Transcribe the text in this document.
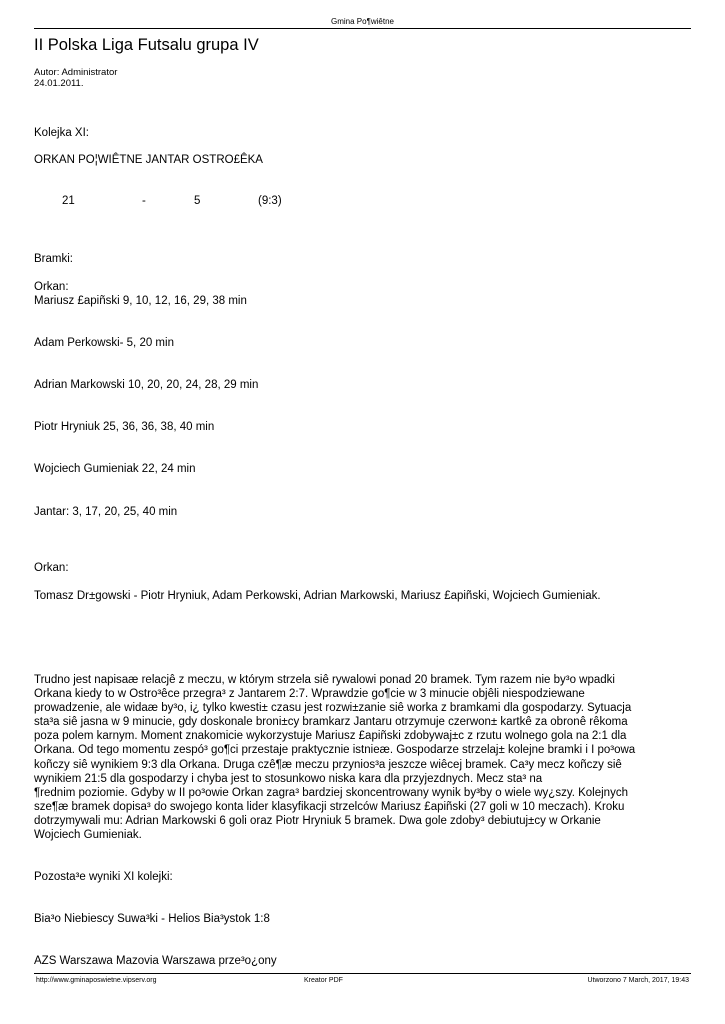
Gmina Po¶wiêtne
II Polska Liga Futsalu grupa IV
Autor: Administrator
24.01.2011.
Kolejka XI:
ORKAN PO¦WIÊTNE JANTAR OSTRO£ÊKA
21	-	5	(9:3)
Bramki:
Orkan:
Mariusz £apiñski 9, 10, 12, 16, 29, 38 min
Adam Perkowski- 5, 20 min
Adrian Markowski 10, 20, 20, 24, 28, 29 min
Piotr Hryniuk 25, 36, 36, 38, 40 min
Wojciech Gumieniak 22, 24 min
Jantar: 3, 17, 20, 25, 40 min
Orkan:
Tomasz Dr±gowski - Piotr Hryniuk, Adam Perkowski, Adrian Markowski, Mariusz £apiñski, Wojciech Gumieniak.
Trudno jest napisaæ relacjê z meczu, w którym strzela siê rywalowi ponad 20 bramek. Tym razem nie by³o wpadki
Orkana kiedy to w Ostro³êce przegra³ z Jantarem 2:7. Wprawdzie go¶cie w 3 minucie objêli niespodziewane
prowadzenie, ale widaæ by³o, i¿ tylko kwesti± czasu jest rozwi±zanie siê worka z bramkami dla gospodarzy. Sytuacja
sta³a siê jasna w 9 minucie, gdy doskonale broni±cy bramkarz Jantaru otrzymuje czerwon± kartkê za obronê rêkoma
poza polem karnym. Moment znakomicie wykorzystuje Mariusz £apiñski zdobywaj±c z rzutu wolnego gola na 2:1 dla
Orkana. Od tego momentu zespó³ go¶ci przestaje praktycznie istnieæ. Gospodarze strzelaj± kolejne bramki i I po³owa
koñczy siê wynikiem 9:3 dla Orkana. Druga czê¶æ meczu przynios³a jeszcze wiêcej bramek. Ca³y mecz koñczy siê
wynikiem 21:5 dla gospodarzy i chyba jest to stosunkowo niska kara dla przyjezdnych. Mecz sta³ na
¶rednim poziomie. Gdyby w II po³owie Orkan zagra³ bardziej skoncentrowany wynik by³by o wiele wy¿szy. Kolejnych
sze¶æ bramek dopisa³ do swojego konta lider klasyfikacji strzelców Mariusz £apiñski (27 goli w 10 meczach). Kroku
dotrzymywali mu: Adrian Markowski 6 goli oraz Piotr Hryniuk 5 bramek. Dwa gole zdoby³ debiutuj±cy w Orkanie
Wojciech Gumieniak.
Pozosta³e wyniki XI kolejki:
Bia³o Niebiescy Suwa³ki - Helios Bia³ystok 1:8
AZS Warszawa Mazovia Warszawa prze³o¿ony
http://www.gminaposwietne.vipserv.org	Kreator PDF	Utworzono 7 March, 2017, 19:43
